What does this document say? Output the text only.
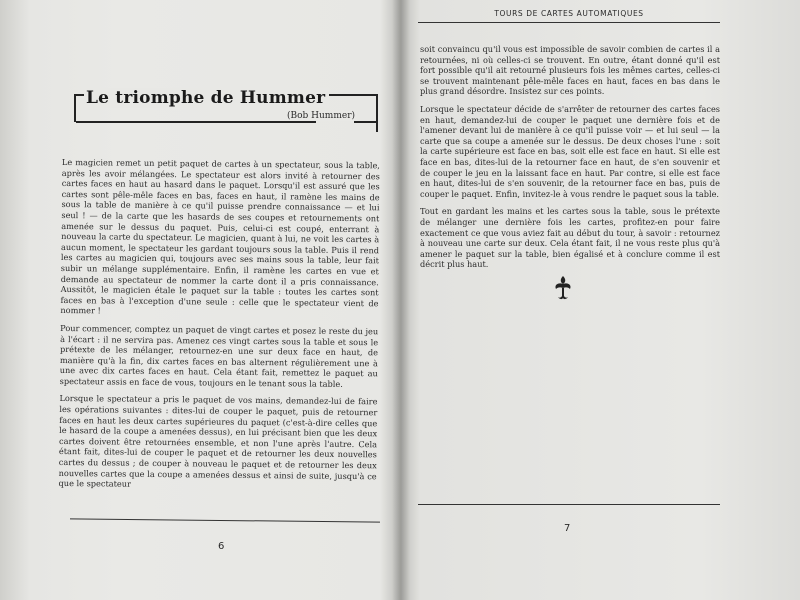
Le triomphe de Hummer
(Bob Hummer)

Le magicien remet un petit paquet de cartes à un spectateur, sous la table, après les avoir mélangées. Le spectateur est alors invité à retourner des cartes faces en haut au hasard dans le paquet. Lorsqu'il est assuré que les cartes sont pêle-mêle faces en bas, faces en haut, il ramène les mains de sous la table de manière à ce qu'il puisse prendre connaissance — et lui seul ! — de la carte que les hasards de ses coupes et retournements ont amenée sur le dessus du paquet. Puis, celui-ci est coupé, enterrant à nouveau la carte du spectateur. Le magicien, quant à lui, ne voit les cartes à aucun moment, le spectateur les gardant toujours sous la table. Puis il rend les cartes au magicien qui, toujours avec ses mains sous la table, leur fait subir un mélange supplémentaire. Enfin, il ramène les cartes en vue et demande au spectateur de nommer la carte dont il a pris connaissance. Aussitôt, le magicien étale le paquet sur la table : toutes les cartes sont faces en bas à l'exception d'une seule : celle que le spectateur vient de nommer !

Pour commencer, comptez un paquet de vingt cartes et posez le reste du jeu à l'écart : il ne servira pas. Amenez ces vingt cartes sous la table et sous le prétexte de les mélanger, retournez-en une sur deux face en haut, de manière qu'à la fin, dix cartes faces en bas alternent régulièrement une à une avec dix cartes faces en haut. Cela étant fait, remettez le paquet au spectateur assis en face de vous, toujours en le tenant sous la table.

Lorsque le spectateur a pris le paquet de vos mains, demandez-lui de faire les opérations suivantes : dites-lui de couper le paquet, puis de retourner faces en haut les deux cartes supérieures du paquet (c'est-à-dire celles que le hasard de la coupe a amenées dessus), en lui précisant bien que les deux cartes doivent être retournées ensemble, et non l'une après l'autre. Cela étant fait, dites-lui de couper le paquet et de retourner les deux nouvelles cartes du dessus ; de couper à nouveau le paquet et de retourner les deux nouvelles cartes que la coupe a amenées dessus et ainsi de suite, jusqu'à ce que le spectateur

6
TOURS DE CARTES AUTOMATIQUES

soit convaincu qu'il vous est impossible de savoir combien de cartes il a retournées, ni où celles-ci se trouvent. En outre, étant donné qu'il est fort possible qu'il ait retourné plusieurs fois les mêmes cartes, celles-ci se trouvent maintenant pêle-mêle faces en haut, faces en bas dans le plus grand désordre. Insistez sur ces points.

Lorsque le spectateur décide de s'arrêter de retourner des cartes faces en haut, demandez-lui de couper le paquet une dernière fois et de l'amener devant lui de manière à ce qu'il puisse voir — et lui seul — la carte que sa coupe a amenée sur le dessus. De deux choses l'une : soit la carte supérieure est face en bas, soit elle est face en haut. Si elle est face en bas, dites-lui de la retourner face en haut, de s'en souvenir et de couper le jeu en la laissant face en haut. Par contre, si elle est face en haut, dites-lui de s'en souvenir, de la retourner face en bas, puis de couper le paquet. Enfin, invitez-le à vous rendre le paquet sous la table.

Tout en gardant les mains et les cartes sous la table, sous le prétexte de mélanger une dernière fois les cartes, profitez-en pour faire exactement ce que vous aviez fait au début du tour, à savoir : retournez à nouveau une carte sur deux. Cela étant fait, il ne vous reste plus qu'à amener le paquet sur la table, bien égalisé et à conclure comme il est décrit plus haut.

7
